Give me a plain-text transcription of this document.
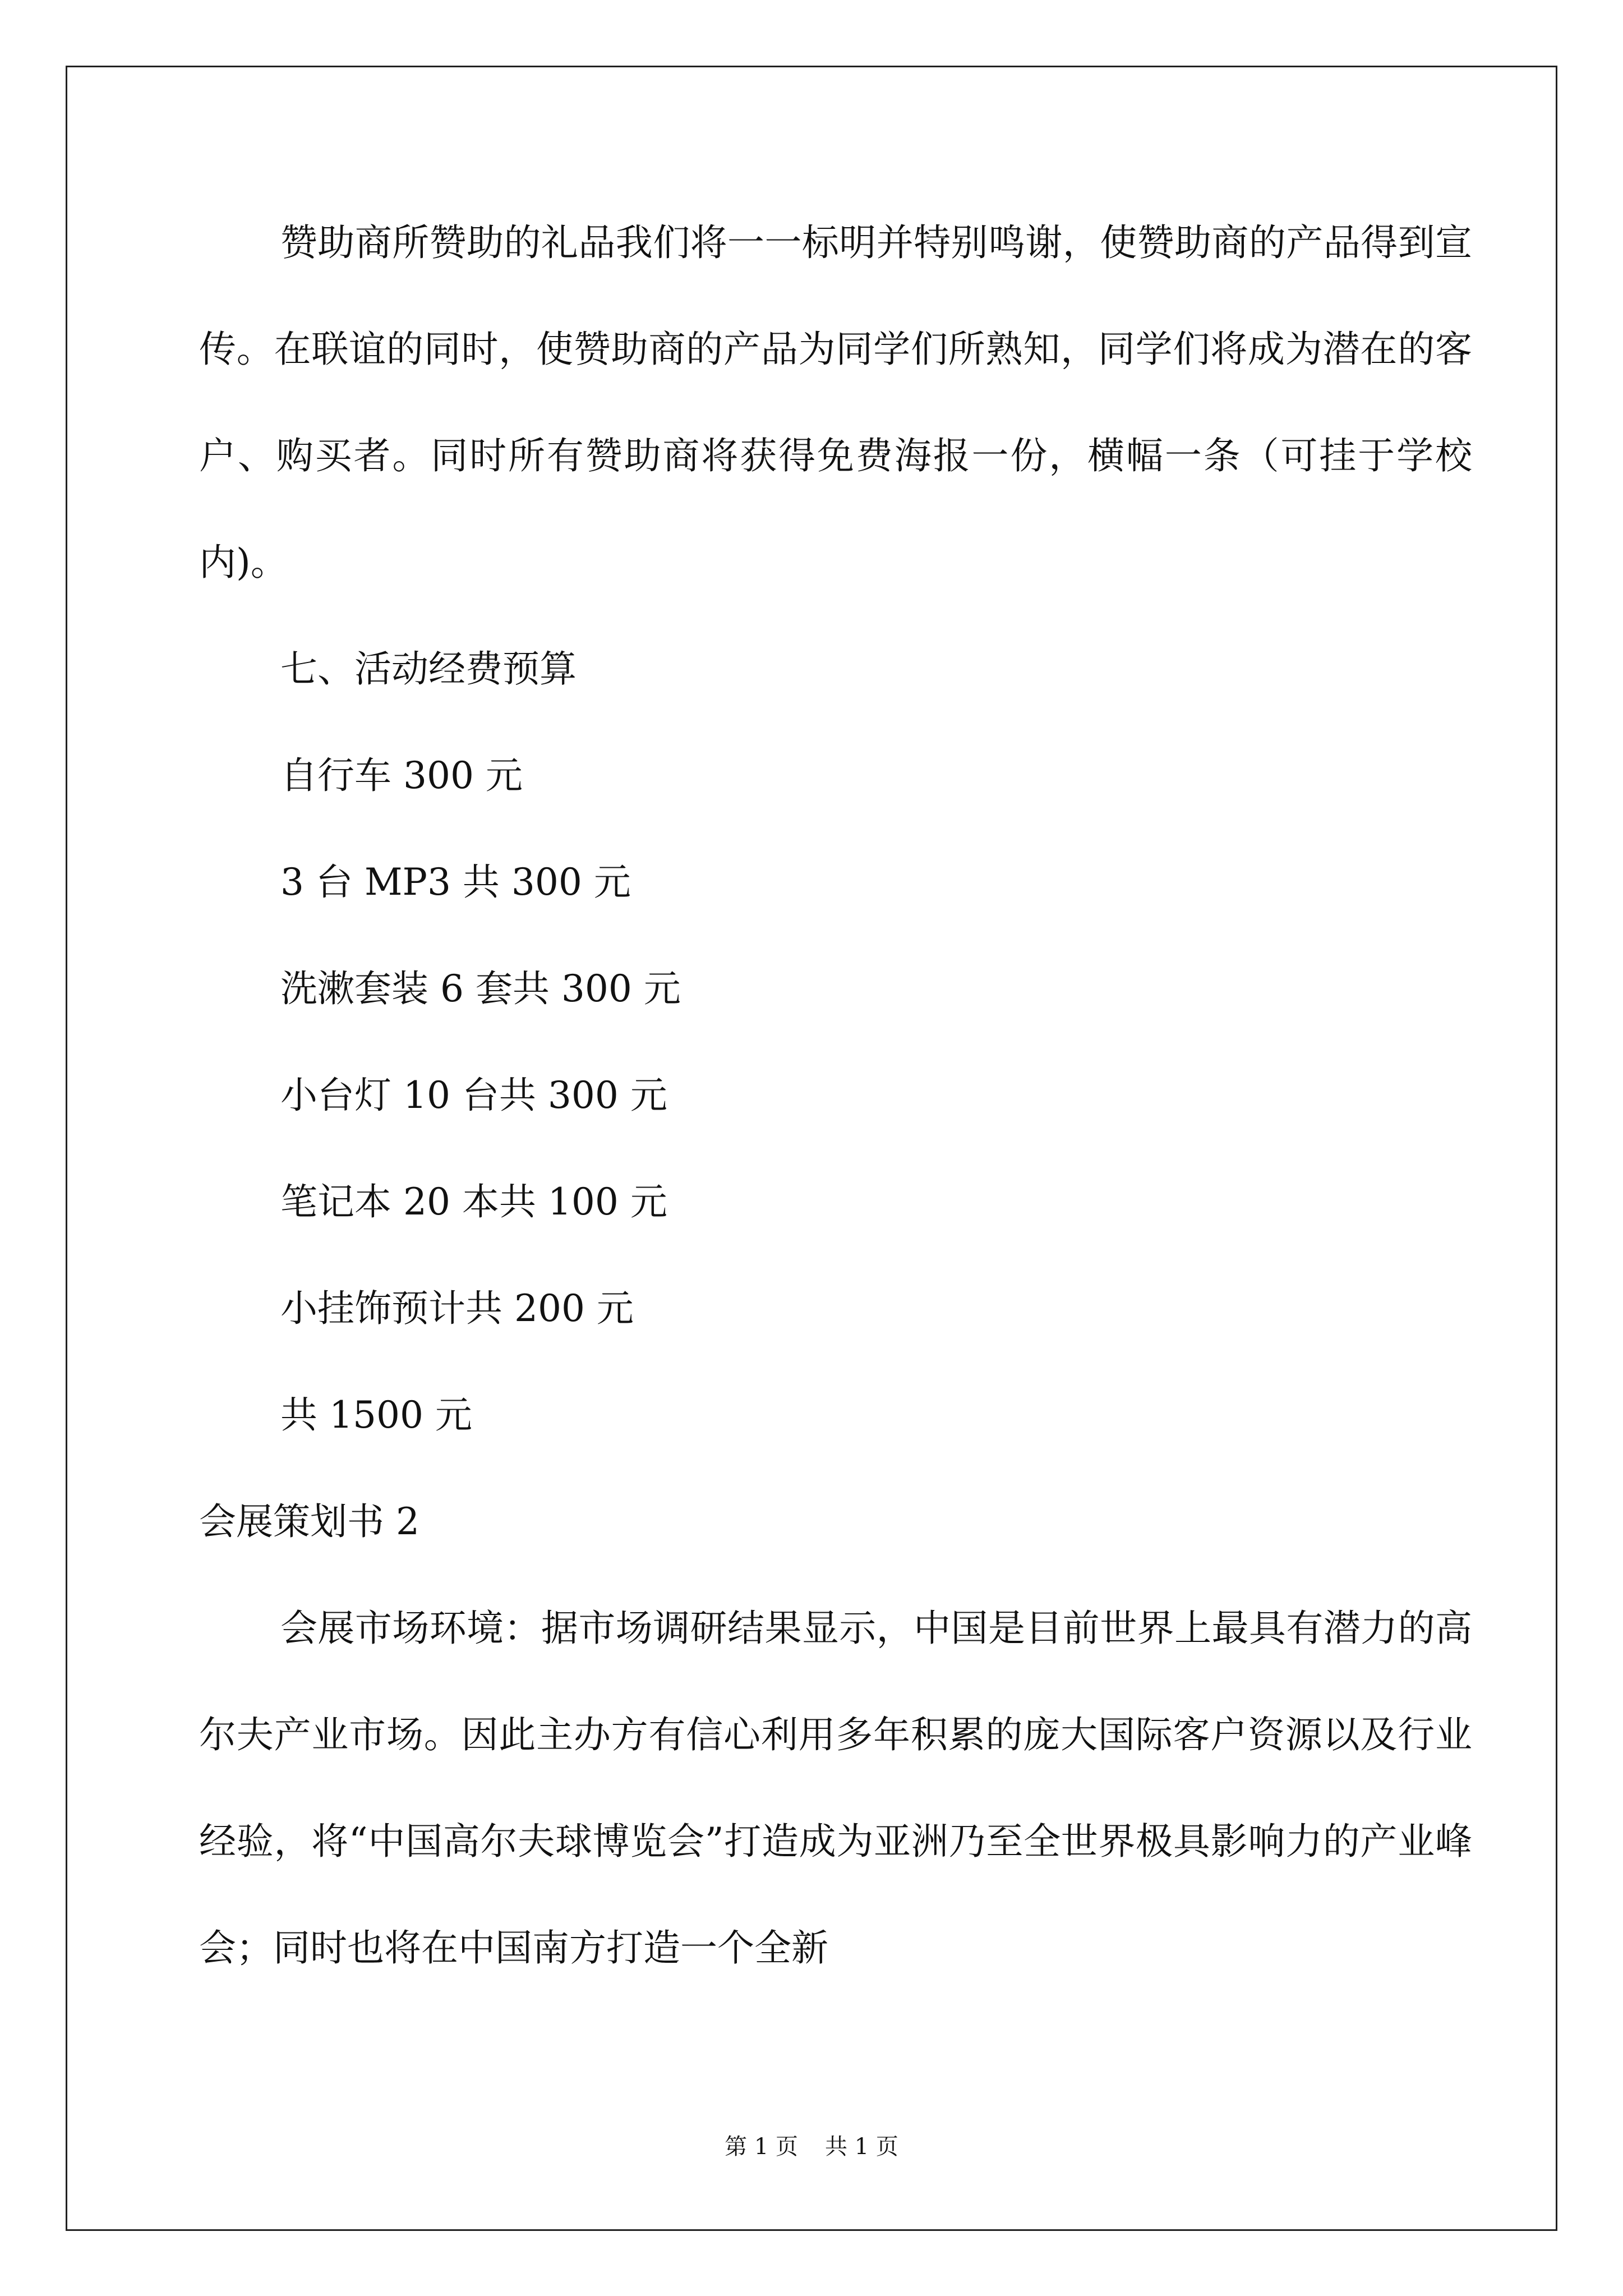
赞助商所赞助的礼品我们将一一标明并特别鸣谢，使赞助商的产品得到宣传。在联谊的同时，使赞助商的产品为同学们所熟知，同学们将成为潜在的客户、购买者。同时所有赞助商将获得免费海报一份，横幅一条（可挂于学校内)。

七、活动经费预算

自行车 300 元

3 台 MP3 共 300 元

洗漱套装 6 套共 300 元

小台灯 10 台共 300 元

笔记本 20 本共 100 元

小挂饰预计共 200 元

共 1500 元

会展策划书 2

会展市场环境：据市场调研结果显示，中国是目前世界上最具有潜力的高尔夫产业市场。因此主办方有信心利用多年积累的庞大国际客户资源以及行业经验，将“中国高尔夫球博览会”打造成为亚洲乃至全世界极具影响力的产业峰会；同时也将在中国南方打造一个全新

第 1 页 共 1 页
